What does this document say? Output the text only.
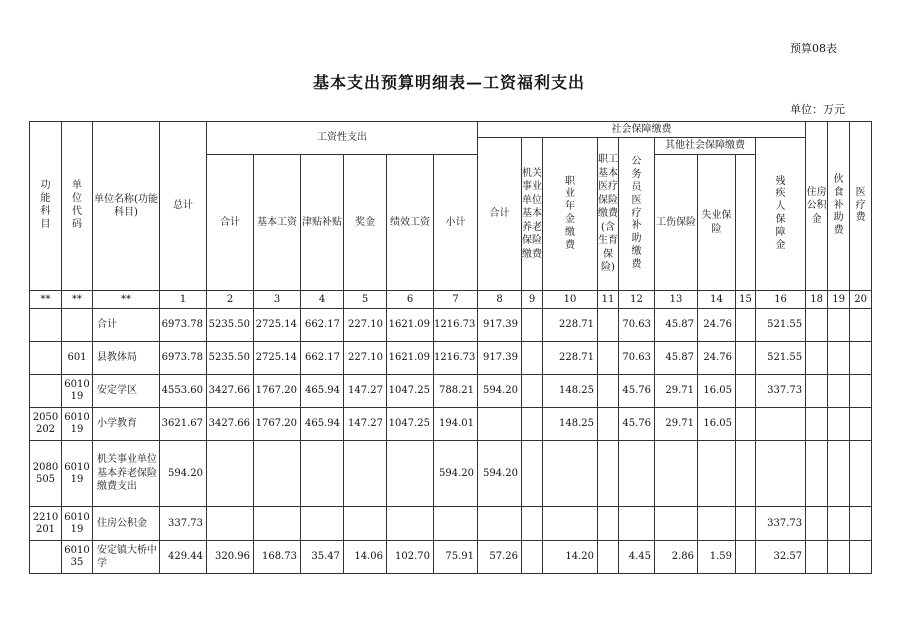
预算08表
基本支出预算明细表—工资福利支出
单位：万元
功能科目	单位代码	单位名称(功能科目)	总计	工资性支出						社会保障缴费									住房公积金	伙食补助费	医疗费

										合计	机关事业单位基本养老保险缴费	职业年金缴费	职工基本医疗保险缴费(含生育保险)	公务员医疗补助缴费	其他社会保障缴费			残疾人保障金				

				合计	基本工资	津贴补贴	奖金	绩效工资	小计						工伤保险	失业保险						

**	**	**	1	2	3	4	5	6	7	8	9	10	11	12	13	14	15	16	18	19	20	
		合计	6973.78	5235.50	2725.14	662.17	227.10	1621.09	1216.73	917.39		228.71		70.63	45.87	24.76		521.55				
	601	县教体局	6973.78	5235.50	2725.14	662.17	227.10	1621.09	1216.73	917.39		228.71		70.63	45.87	24.76		521.55				
	6010 19	安定学区	4553.60	3427.66	1767.20	465.94	147.27	1047.25	788.21	594.20		148.25		45.76	29.71	16.05		337.73				
2050 202	6010 19	小学教育	3621.67	3427.66	1767.20	465.94	147.27	1047.25	194.01			148.25		45.76	29.71	16.05						
2080 505	6010 19	机关事业单位基本养老保险缴费支出	594.20						594.20	594.20												
2210 201	6010 19	住房公积金	337.73															337.73				
	6010 35	安定镇大桥中学	429.44	320.96	168.73	35.47	14.06	102.70	75.91	57.26		14.20		4.45	2.86	1.59		32.57				
